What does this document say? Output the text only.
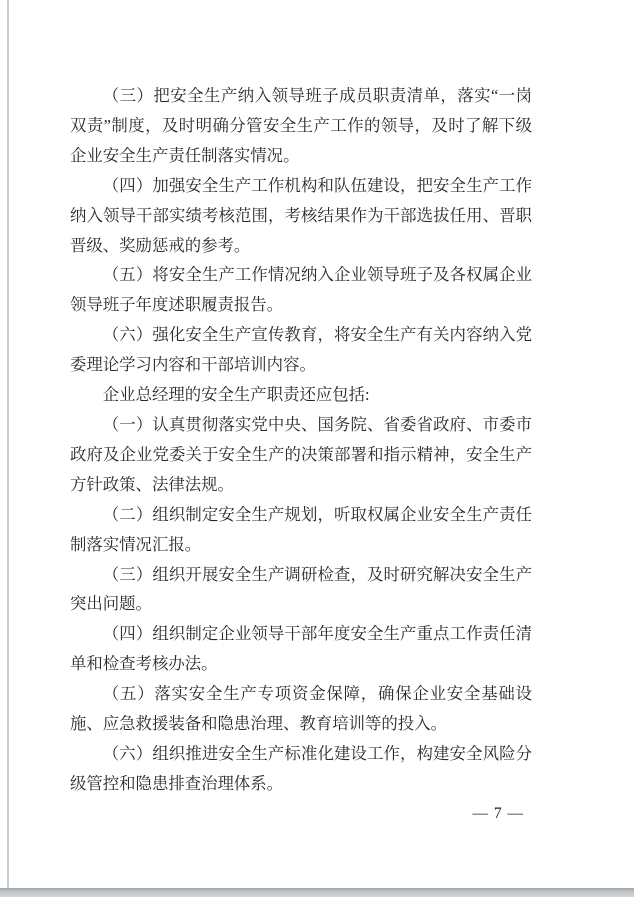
（三）把安全生产纳入领导班子成员职责清单，落实“一岗双责”制度，及时明确分管安全生产工作的领导，及时了解下级企业安全生产责任制落实情况。

（四）加强安全生产工作机构和队伍建设，把安全生产工作纳入领导干部实绩考核范围，考核结果作为干部选拔任用、晋职晋级、奖励惩戒的参考。

（五）将安全生产工作情况纳入企业领导班子及各权属企业领导班子年度述职履责报告。

（六）强化安全生产宣传教育，将安全生产有关内容纳入党委理论学习内容和干部培训内容。

企业总经理的安全生产职责还应包括:

（一）认真贯彻落实党中央、国务院、省委省政府、市委市政府及企业党委关于安全生产的决策部署和指示精神，安全生产方针政策、法律法规。

（二）组织制定安全生产规划，听取权属企业安全生产责任制落实情况汇报。

（三）组织开展安全生产调研检查，及时研究解决安全生产突出问题。

（四）组织制定企业领导干部年度安全生产重点工作责任清单和检查考核办法。

（五）落实安全生产专项资金保障，确保企业安全基础设施、应急救援装备和隐患治理、教育培训等的投入。

（六）组织推进安全生产标准化建设工作，构建安全风险分级管控和隐患排查治理体系。

— 7 —
